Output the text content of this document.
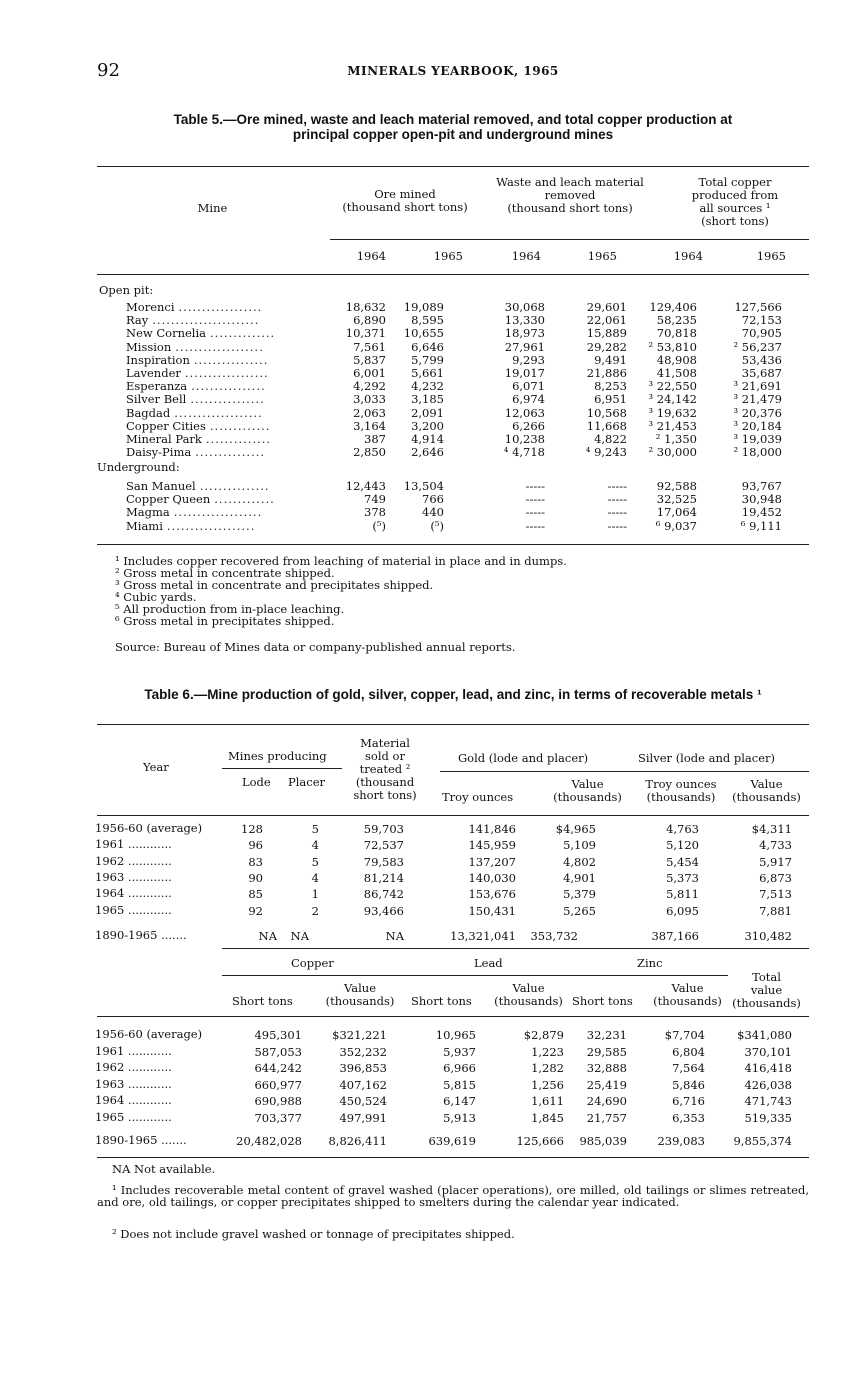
92	MINERALS YEARBOOK, 1965
Table 5.—Ore mined, waste and leach material removed, and total copper production at
principal copper open-pit and underground mines
Mine
Ore mined
(thousand short tons)
Waste and leach material
removed
(thousand short tons)
Total copper
produced from
all sources ¹
(short tons)
1964	1965	1964	1965	1964	1965
Open pit:
Morenci ..................	18,632	19,089	30,068	29,601	129,406	127,566
Ray .......................	6,890	8,595	13,330	22,061	58,235	72,153
New Cornelia ..............	10,371	10,655	18,973	15,889	70,818	70,905
Mission ...................	7,561	6,646	27,961	29,282	² 53,810	² 56,237
Inspiration ................	5,837	5,799	9,293	9,491	48,908	53,436
Lavender ..................	6,001	5,661	19,017	21,886	41,508	35,687
Esperanza ................	4,292	4,232	6,071	8,253	³ 22,550	³ 21,691
Silver Bell ................	3,033	3,185	6,974	6,951	³ 24,142	³ 21,479
Bagdad ...................	2,063	2,091	12,063	10,568	³ 19,632	³ 20,376
Copper Cities .............	3,164	3,200	6,266	11,668	³ 21,453	³ 20,184
Mineral Park ..............	387	4,914	10,238	4,822	² 1,350	³ 19,039
Daisy-Pima ...............	2,850	2,646	⁴ 4,718	⁴ 9,243	² 30,000	² 18,000
Underground:
San Manuel ...............	12,443	13,504	-----	-----	92,588	93,767
Copper Queen .............	749	766	-----	-----	32,525	30,948
Magma ...................	378	440	-----	-----	17,064	19,452
Miami ...................	(⁵)	(⁵)	-----	-----	⁶ 9,037	⁶ 9,111
¹ Includes copper recovered from leaching of material in place and in dumps.
² Gross metal in concentrate shipped.
³ Gross metal in concentrate and precipitates shipped.
⁴ Cubic yards.
⁵ All production from in-place leaching.
⁶ Gross metal in precipitates shipped.
Source: Bureau of Mines data or company-published annual reports.
Table 6.—Mine production of gold, silver, copper, lead, and zinc, in terms of recoverable metals ¹
Year
Mines producing
Lode Placer
Material
sold or
treated ²
(thousand
short tons)
Gold (lode and placer)	Silver (lode and placer)
Troy ounces
Value
(thousands)
Troy ounces
(thousands)
Value
(thousands)
1956-60 (average)	128	5	59,703	141,846	$4,965	4,763	$4,311
1961 ............	96	4	72,537	145,959	5,109	5,120	4,733
1962 ............	83	5	79,583	137,207	4,802	5,454	5,917
1963 ............	90	4	81,214	140,030	4,901	5,373	6,873
1964 ............	85	1	86,742	153,676	5,379	5,811	7,513
1965 ............	92	2	93,466	150,431	5,265	6,095	7,881
1890-1965 .......	NA	NA	NA	13,321,041	353,732	387,166	310,482
Copper	Lead	Zinc
Total
value
(thousands)
Short tons
Value
(thousands)	Short tons
Value
(thousands) Short tons
Value
(thousands)
1956-60 (average)	495,301	$321,221	10,965	$2,879	32,231	$7,704	$341,080
1961 ............	587,053	352,232	5,937	1,223	29,585	6,804	370,101
1962 ............	644,242	396,853	6,966	1,282	32,888	7,564	416,418
1963 ............	660,977	407,162	5,815	1,256	25,419	5,846	426,038
1964 ............	690,988	450,524	6,147	1,611	24,690	6,716	471,743
1965 ............	703,377	497,991	5,913	1,845	21,757	6,353	519,335
1890-1965 .......	20,482,028	8,826,411	639,619	125,666	985,039	239,083	9,855,374
NA Not available.
¹ Includes recoverable metal content of gravel washed (placer operations), ore milled, old tailings or slimes retreated, and ore, old tailings, or copper precipitates shipped to smelters during the calendar year indicated.
² Does not include gravel washed or tonnage of precipitates shipped.
